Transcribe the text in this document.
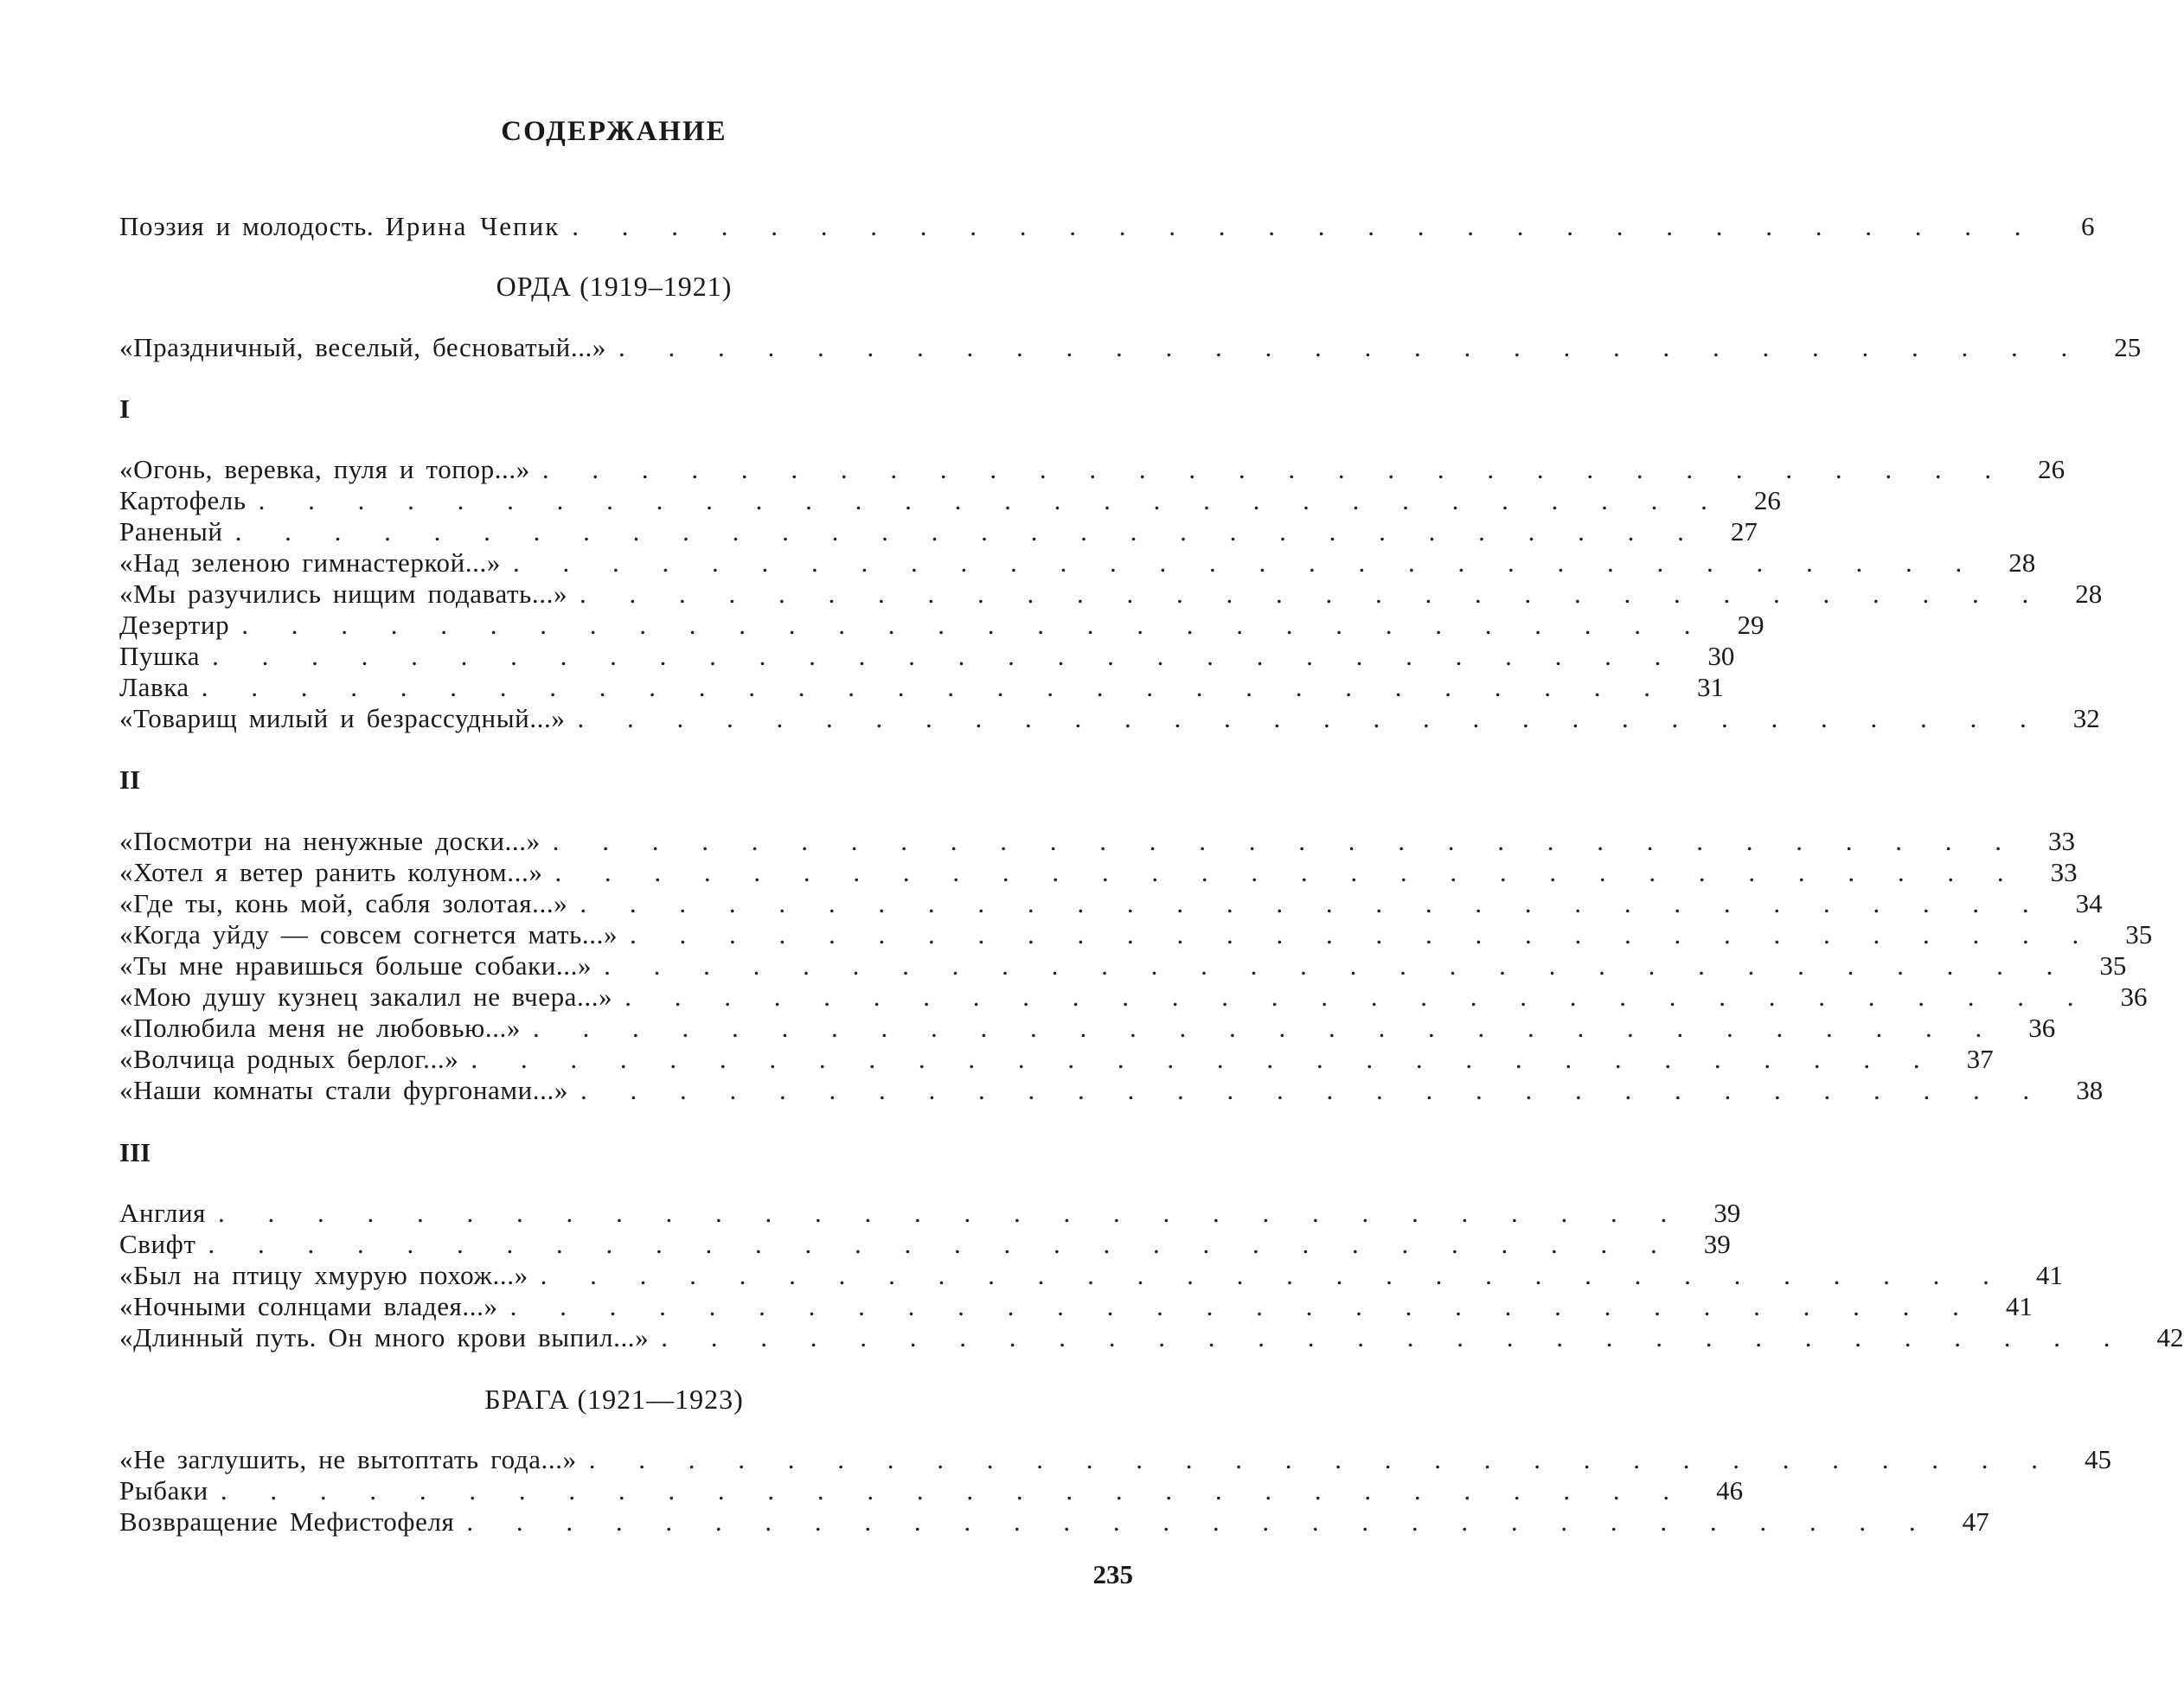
СОДЕРЖАНИЕ
Поэзия и молодость. Ирина Чепик . . . . . . . . . . . . . . . . . . . . . . . . . . . . . .	6
ОРДА (1919–1921)
«Праздничный, веселый, бесноватый...» . . . . . . . . . . . . . . . . . . . . . . . . . . . . . .	25
I
«Огонь, веревка, пуля и топор...» . . . . . . . . . . . . . . . . . . . . . . . . . . . . . .	26
Картофель . . . . . . . . . . . . . . . . . . . . . . . . . . . . . .	26
Раненый . . . . . . . . . . . . . . . . . . . . . . . . . . . . . .	27
«Над зеленою гимнастеркой...» . . . . . . . . . . . . . . . . . . . . . . . . . . . . . .	28
«Мы разучились нищим подавать...» . . . . . . . . . . . . . . . . . . . . . . . . . . . . . .	28
Дезертир . . . . . . . . . . . . . . . . . . . . . . . . . . . . . .	29
Пушка . . . . . . . . . . . . . . . . . . . . . . . . . . . . . .	30
Лавка . . . . . . . . . . . . . . . . . . . . . . . . . . . . . .	31
«Товарищ милый и безрассудный...» . . . . . . . . . . . . . . . . . . . . . . . . . . . . . .	32
II
«Посмотри на ненужные доски...» . . . . . . . . . . . . . . . . . . . . . . . . . . . . . .	33
«Хотел я ветер ранить колуном...» . . . . . . . . . . . . . . . . . . . . . . . . . . . . . .	33
«Где ты, конь мой, сабля золотая...» . . . . . . . . . . . . . . . . . . . . . . . . . . . . . .	34
«Когда уйду — совсем согнется мать...» . . . . . . . . . . . . . . . . . . . . . . . . . . . . . .	35
«Ты мне нравишься больше собаки...» . . . . . . . . . . . . . . . . . . . . . . . . . . . . . .	35
«Мою душу кузнец закалил не вчера...» . . . . . . . . . . . . . . . . . . . . . . . . . . . . . .	36
«Полюбила меня не любовью...» . . . . . . . . . . . . . . . . . . . . . . . . . . . . . .	36
«Волчица родных берлог...» . . . . . . . . . . . . . . . . . . . . . . . . . . . . . .	37
«Наши комнаты стали фургонами...» . . . . . . . . . . . . . . . . . . . . . . . . . . . . . .	38
III
Англия . . . . . . . . . . . . . . . . . . . . . . . . . . . . . .	39
Свифт . . . . . . . . . . . . . . . . . . . . . . . . . . . . . .	39
«Был на птицу хмурую похож...» . . . . . . . . . . . . . . . . . . . . . . . . . . . . . .	41
«Ночными солнцами владея...» . . . . . . . . . . . . . . . . . . . . . . . . . . . . . .	41
«Длинный путь. Он много крови выпил...» . . . . . . . . . . . . . . . . . . . . . . . . . . . . . .	42
БРАГА (1921—1923)
«Не заглушить, не вытоптать года...» . . . . . . . . . . . . . . . . . . . . . . . . . . . . . .	45
Рыбаки . . . . . . . . . . . . . . . . . . . . . . . . . . . . . .	46
Возвращение Мефистофеля . . . . . . . . . . . . . . . . . . . . . . . . . . . . . .	47
235
